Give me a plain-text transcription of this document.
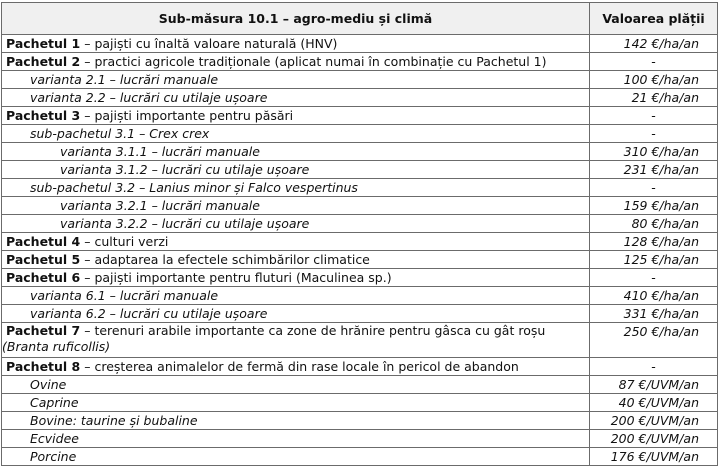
Sub-măsura 10.1 – agro-mediu și climă	Valoarea plății
Pachetul 1 – pajiști cu înaltă valoare naturală (HNV)	142 €/ha/an
Pachetul 2 – practici agricole tradiționale (aplicat numai în combinație cu Pachetul 1)	-
varianta 2.1 – lucrări manuale	100 €/ha/an
varianta 2.2 – lucrări cu utilaje ușoare	21 €/ha/an
Pachetul 3 – pajiști importante pentru păsări	-
sub-pachetul 3.1 – Crex crex	-
varianta 3.1.1 – lucrări manuale	310 €/ha/an
varianta 3.1.2 – lucrări cu utilaje ușoare	231 €/ha/an
sub-pachetul 3.2 – Lanius minor și Falco vespertinus	-
varianta 3.2.1 – lucrări manuale	159 €/ha/an
varianta 3.2.2 – lucrări cu utilaje ușoare	80 €/ha/an
Pachetul 4 – culturi verzi	128 €/ha/an
Pachetul 5 – adaptarea la efectele schimbărilor climatice	125 €/ha/an
Pachetul 6 – pajiști importante pentru fluturi (Maculinea sp.)	-
varianta 6.1 – lucrări manuale	410 €/ha/an
varianta 6.2 – lucrări cu utilaje ușoare	331 €/ha/an
Pachetul 7 – terenuri arabile importante ca zone de hrănire pentru gâsca cu gât roșu
(Branta ruficollis)	250 €/ha/an
Pachetul 8 – creșterea animalelor de fermă din rase locale în pericol de abandon	-
Ovine	87 €/UVM/an
Caprine	40 €/UVM/an
Bovine: taurine și bubaline	200 €/UVM/an
Ecvidee	200 €/UVM/an
Porcine	176 €/UVM/an
